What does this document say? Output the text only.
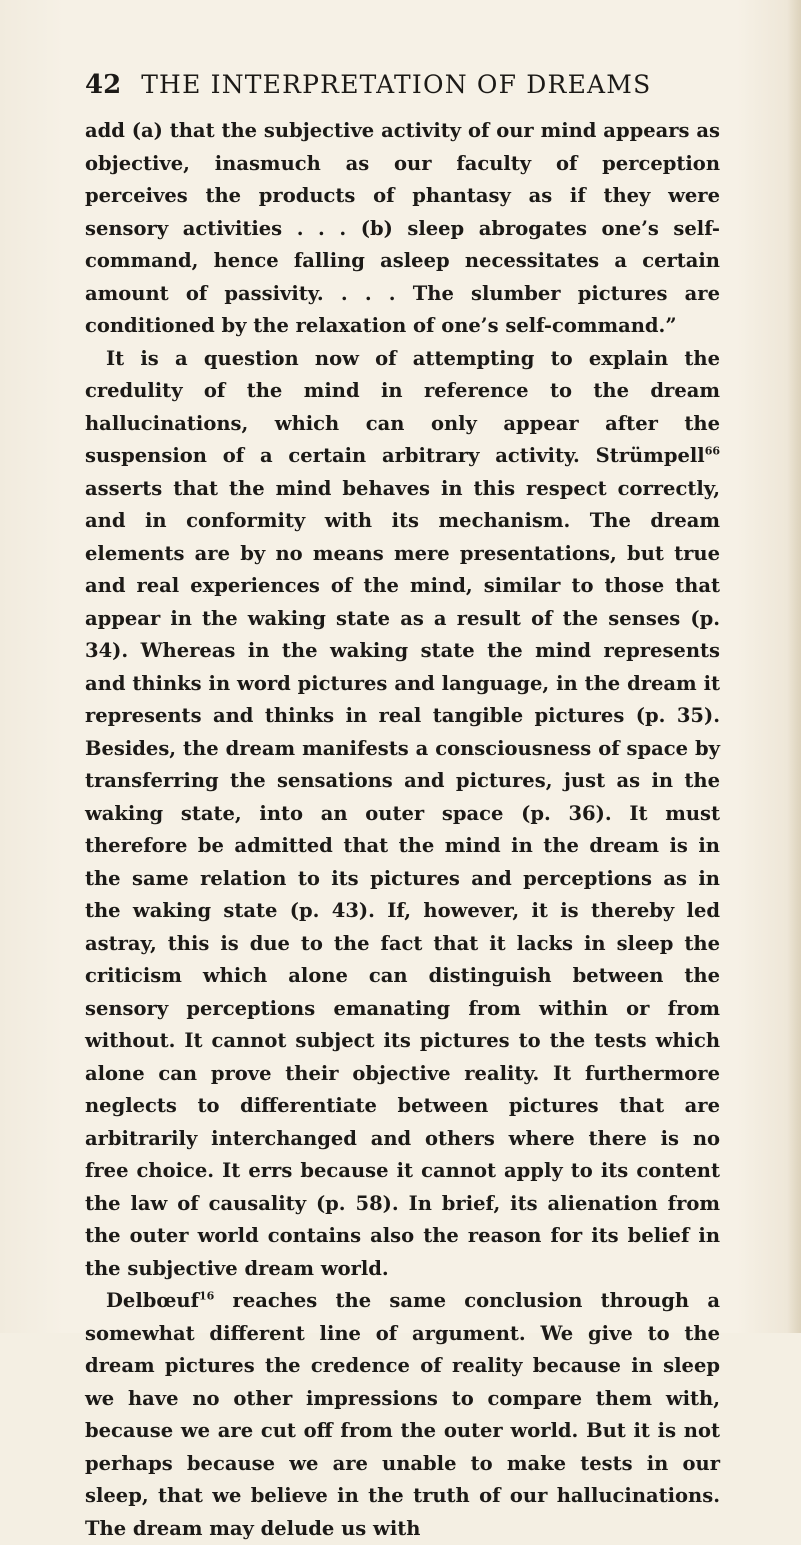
42 THE INTERPRETATION OF DREAMS

add (a) that the subjective activity of our mind appears as objective, inasmuch as our faculty of perception perceives the products of phantasy as if they were sensory activities . . . (b) sleep abrogates one’s self-command, hence falling asleep necessitates a certain amount of passivity. . . . The slumber pictures are conditioned by the relaxation of one’s self-command.”

It is a question now of attempting to explain the credulity of the mind in reference to the dream hallucinations, which can only appear after the suspension of a certain arbitrary activity. Strümpell$^{66}$ asserts that the mind behaves in this respect correctly, and in conformity with its mechanism. The dream elements are by no means mere presentations, but true and real experiences of the mind, similar to those that appear in the waking state as a result of the senses (p. 34). Whereas in the waking state the mind represents and thinks in word pictures and language, in the dream it represents and thinks in real tangible pictures (p. 35). Besides, the dream manifests a consciousness of space by transferring the sensations and pictures, just as in the waking state, into an outer space (p. 36). It must therefore be admitted that the mind in the dream is in the same relation to its pictures and perceptions as in the waking state (p. 43). If, however, it is thereby led astray, this is due to the fact that it lacks in sleep the criticism which alone can distinguish between the sensory perceptions emanating from within or from without. It cannot subject its pictures to the tests which alone can prove their objective reality. It furthermore neglects to differentiate between pictures that are arbitrarily interchanged and others where there is no free choice. It errs because it cannot apply to its content the law of causality (p. 58). In brief, its alienation from the outer world contains also the reason for its belief in the subjective dream world.

Delbœuf$^{16}$ reaches the same conclusion through a somewhat different line of argument. We give to the dream pictures the credence of reality because in sleep we have no other impressions to compare them with, because we are cut off from the outer world. But it is not perhaps because we are unable to make tests in our sleep, that we believe in the truth of our hallucinations. The dream may delude us with
